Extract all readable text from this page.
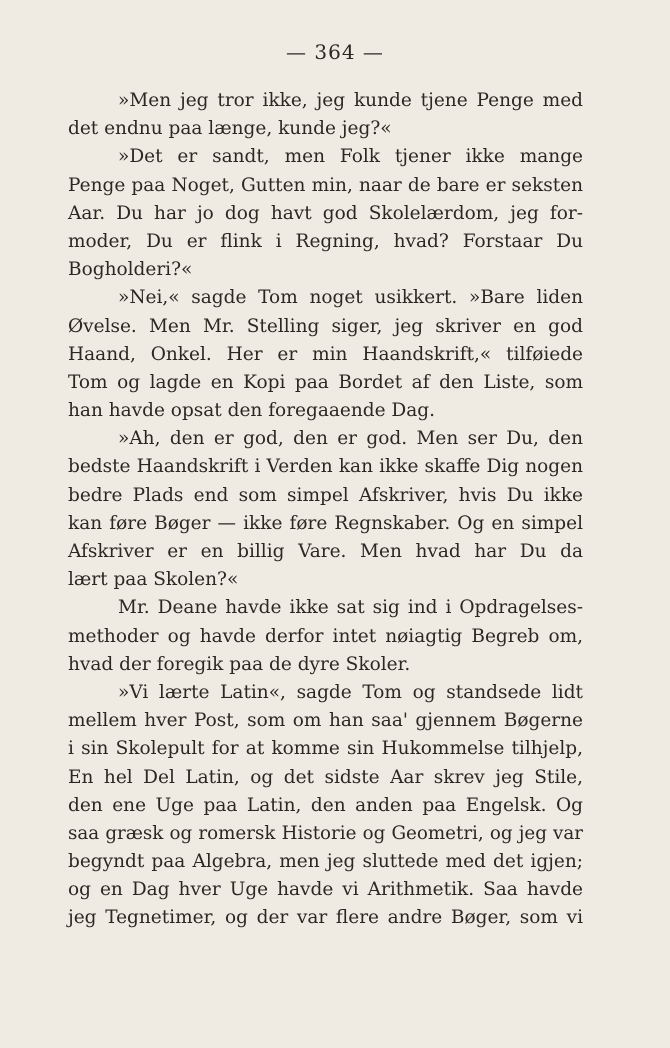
— 364 —
»Men jeg tror ikke, jeg kunde tjene Penge med
det endnu paa længe, kunde jeg?«
»Det er sandt, men Folk tjener ikke mange
Penge paa Noget, Gutten min, naar de bare er seksten
Aar. Du har jo dog havt god Skolelærdom, jeg for-
moder, Du er flink i Regning, hvad? Forstaar Du
Bogholderi?«
»Nei,« sagde Tom noget usikkert. »Bare liden
Øvelse. Men Mr. Stelling siger, jeg skriver en god
Haand, Onkel. Her er min Haandskrift,« tilføiede
Tom og lagde en Kopi paa Bordet af den Liste, som
han havde opsat den foregaaende Dag.
»Ah, den er god, den er god. Men ser Du, den
bedste Haandskrift i Verden kan ikke skaffe Dig nogen
bedre Plads end som simpel Afskriver, hvis Du ikke
kan føre Bøger — ikke føre Regnskaber. Og en simpel
Afskriver er en billig Vare. Men hvad har Du da
lært paa Skolen?«
Mr. Deane havde ikke sat sig ind i Opdragelses-
methoder og havde derfor intet nøiagtig Begreb om,
hvad der foregik paa de dyre Skoler.
»Vi lærte Latin«, sagde Tom og standsede lidt
mellem hver Post, som om han saa' gjennem Bøgerne
i sin Skolepult for at komme sin Hukommelse tilhjelp,
En hel Del Latin, og det sidste Aar skrev jeg Stile,
den ene Uge paa Latin, den anden paa Engelsk. Og
saa græsk og romersk Historie og Geometri, og jeg var
begyndt paa Algebra, men jeg sluttede med det igjen;
og en Dag hver Uge havde vi Arithmetik. Saa havde
jeg Tegnetimer, og der var flere andre Bøger, som vi
